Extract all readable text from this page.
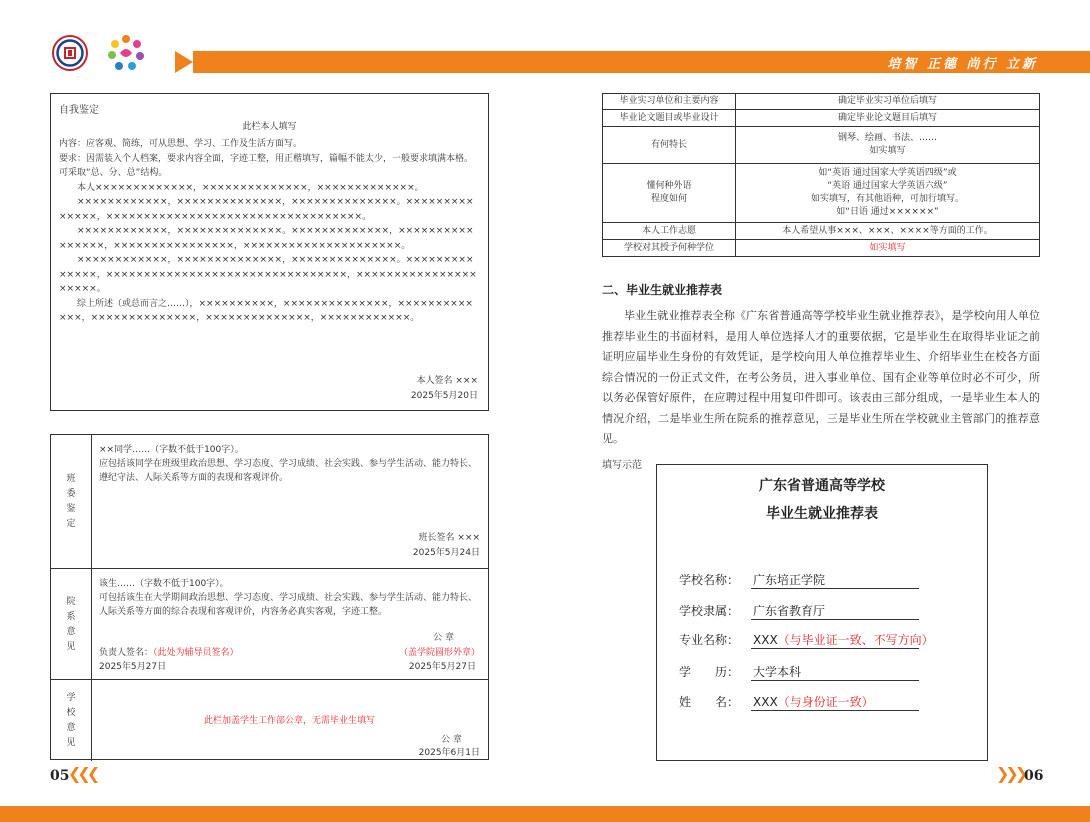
培智 正德 尚行 立新
自我鉴定
此栏本人填写

内容：应客观、简练，可从思想、学习、工作及生活方面写。

要求：因需装入个人档案，要求内容全面，字迹工整，用正楷填写，篇幅不能太少，一般要求填满本格。可采取“总、分、总”结构。

　　本人×××××××××××××，××××××××××××××，×××××××××××××。

　　××××××××××××，××××××××××××××，××××××××××××××。××××××××××××××，××××××××××××××××××××××××××××××××××。

　　××××××××××××，××××××××××××××。×××××××××××××，××××××××××××××××，××××××××××××××××，×××××××××××××××××××××。

　　××××××××××××，××××××××××××××，××××××××××××××。××××××××××××××，××××××××××××××××××××××××××××××××，×××××××××××××××××××××。

　　综上所述（或总而言之……），××××××××××，××××××××××××××，×××××××××××××，××××××××××××××，××××××××××××××，××××××××××××。

本人签名 ×××
2025年5月20日
班委鉴定
××同学……（字数不低于100字）。
应包括该同学在班级里政治思想、学习态度、学习成绩、社会实践、参与学生活动、能力特长、遵纪守法、人际关系等方面的表现和客观评价。
班长签名 ×××
2025年5月24日
院系意见
该生……（字数不低于100字）。
可包括该生在大学期间政治思想、学习态度、学习成绩、社会实践、参与学生活动、能力特长、人际关系等方面的综合表现和客观评价，内容务必真实客观，字迹工整。
公 章
负责人签名：（此处为辅导员签名）	（盖学院圆形外章）
2025年5月27日	2025年5月27日
学校意见
此栏加盖学生工作部公章，无需毕业生填写
公 章
2025年6月1日
毕业实习单位和主要内容	确定毕业实习单位后填写
毕业论文题目或毕业设计	确定毕业论文题目后填写
有何特长	钢琴、绘画、书法、……
如实填写
懂何种外语
程度如何	如“英语 通过国家大学英语四级”或
“英语 通过国家大学英语六级”
如实填写，有其他语种，可加行填写。
如“日语 通过××××××”
本人工作志愿	本人希望从事×××、×××、××××等方面的工作。
学校对其授予何种学位	如实填写
二、毕业生就业推荐表
毕业生就业推荐表全称《广东省普通高等学校毕业生就业推荐表》，是学校向用人单位推荐毕业生的书面材料，是用人单位选择人才的重要依据，它是毕业生在取得毕业证之前证明应届毕业生身份的有效凭证，是学校向用人单位推荐毕业生、介绍毕业生在校各方面综合情况的一份正式文件，在考公务员，进入事业单位、国有企业等单位时必不可少，所以务必保管好原件，在应聘过程中用复印件即可。该表由三部分组成，一是毕业生本人的情况介绍，二是毕业生所在院系的推荐意见，三是毕业生所在学校就业主管部门的推荐意见。
填写示范
广东省普通高等学校
毕业生就业推荐表
学校名称： 广东培正学院
学校隶属： 广东省教育厅
专业名称： XXX（与毕业证一致、不写方向）
学　　历： 大学本科
姓　　名： XXX（与身份证一致）
05
❮❮❮	❯❯❯ 06
